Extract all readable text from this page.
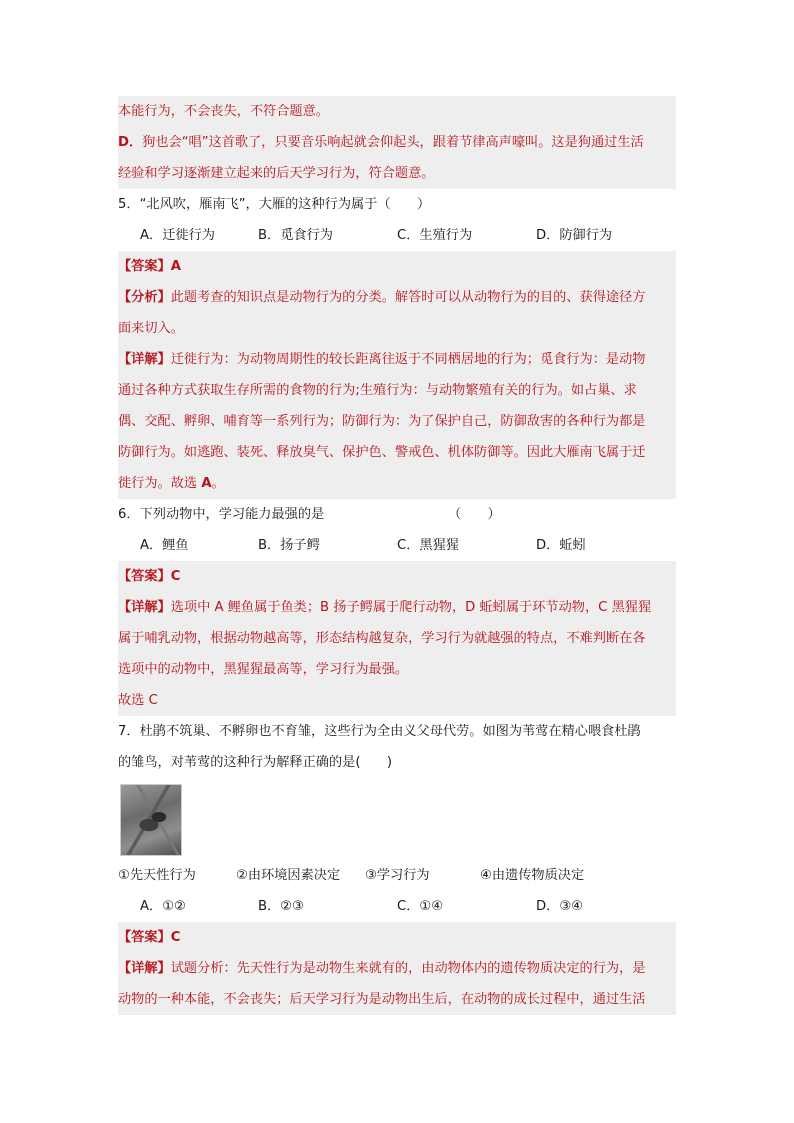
本能行为，不会丧失，不符合题意。
D．狗也会“唱”这首歌了，只要音乐响起就会仰起头，跟着节律高声嚎叫。这是狗通过生活
经验和学习逐渐建立起来的后天学习行为，符合题意。
5．“北风吹，雁南飞”，大雁的这种行为属于（　　）
A．迁徙行为	B．觅食行为	C．生殖行为	D．防御行为
【答案】A
【分析】此题考查的知识点是动物行为的分类。解答时可以从动物行为的目的、获得途径方
面来切入。
【详解】迁徙行为：为动物周期性的较长距离往返于不同栖居地的行为；觅食行为：是动物
通过各种方式获取生存所需的食物的行为;生殖行为：与动物繁殖有关的行为。如占巢、求
偶、交配、孵卵、哺育等一系列行为；防御行为：为了保护自己，防御敌害的各种行为都是
防御行为。如逃跑、装死、释放臭气、保护色、警戒色、机体防御等。因此大雁南飞属于迁
徙行为。故选 A。
6．下列动物中，学习能力最强的是	（　　）
A．鲤鱼	B．扬子鳄	C．黑猩猩	D．蚯蚓
【答案】C
【详解】选项中 A 鲤鱼属于鱼类；B 扬子鳄属于爬行动物，D 蚯蚓属于环节动物，C 黑猩猩
属于哺乳动物，根据动物越高等，形态结构越复杂，学习行为就越强的特点，不难判断在各
选项中的动物中，黑猩猩最高等，学习行为最强。
故选 C
7．杜鹃不筑巢、不孵卵也不育雏，这些行为全由义父母代劳。如图为苇莺在精心喂食杜鹃
的雏鸟，对苇莺的这种行为解释正确的是(　　)
①先天性行为	②由环境因素决定	③学习行为	④由遗传物质决定
A．①②	B．②③	C．①④	D．③④
【答案】C
【详解】试题分析：先天性行为是动物生来就有的，由动物体内的遗传物质决定的行为，是
动物的一种本能，不会丧失；后天学习行为是动物出生后，在动物的成长过程中，通过生活
